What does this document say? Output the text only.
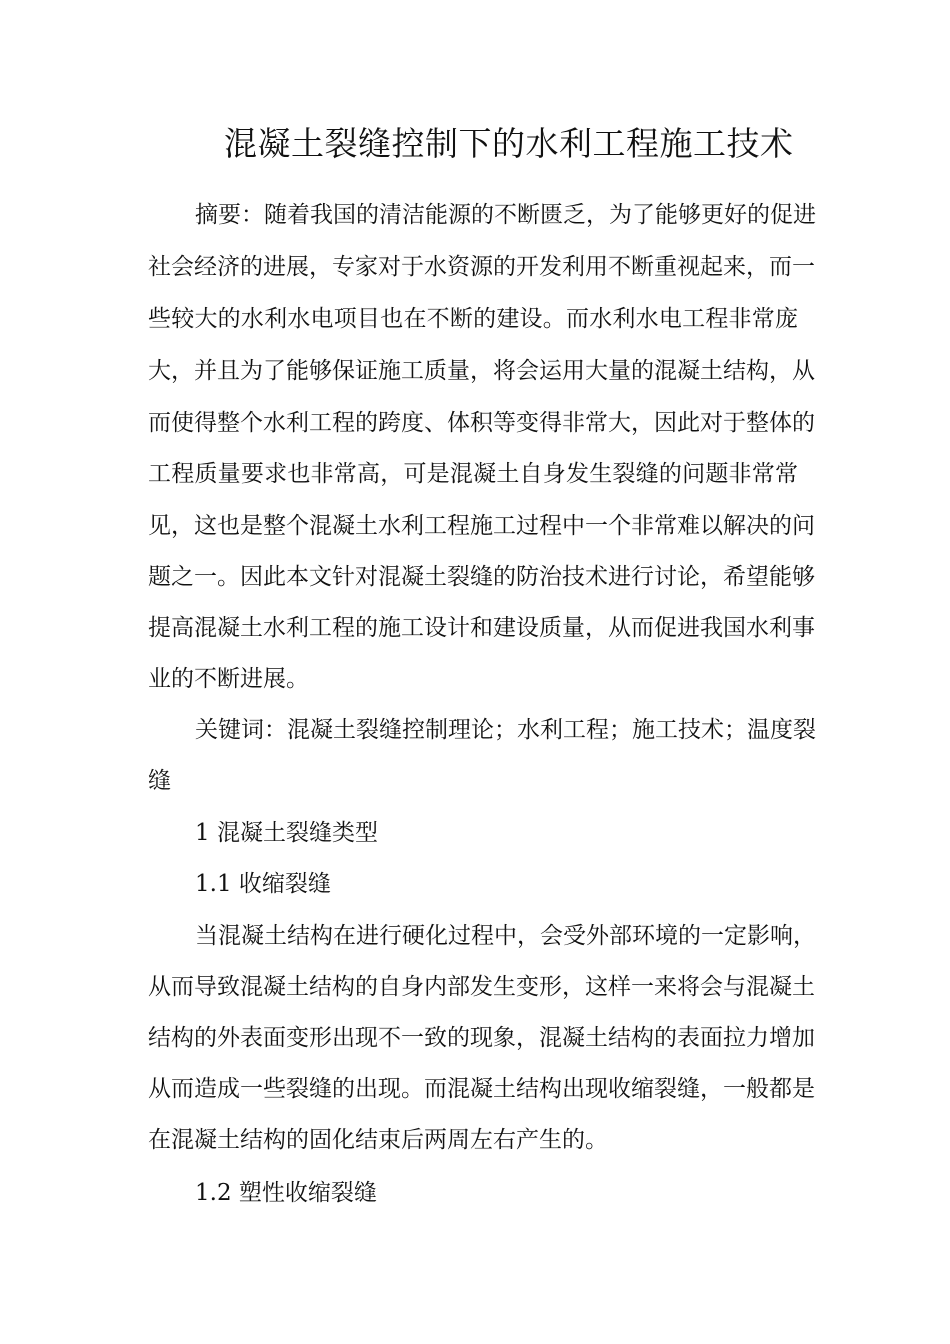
混凝土裂缝控制下的水利工程施工技术
摘要：随着我国的清洁能源的不断匮乏，为了能够更好的促进
社会经济的进展，专家对于水资源的开发利用不断重视起来，而一
些较大的水利水电项目也在不断的建设。而水利水电工程非常庞
大，并且为了能够保证施工质量，将会运用大量的混凝土结构，从
而使得整个水利工程的跨度、体积等变得非常大，因此对于整体的
工程质量要求也非常高，可是混凝土自身发生裂缝的问题非常常
见，这也是整个混凝土水利工程施工过程中一个非常难以解决的问
题之一。因此本文针对混凝土裂缝的防治技术进行讨论，希望能够
提高混凝土水利工程的施工设计和建设质量，从而促进我国水利事
业的不断进展。
关键词：混凝土裂缝控制理论；水利工程；施工技术；温度裂
缝
1 混凝土裂缝类型
1.1 收缩裂缝
当混凝土结构在进行硬化过程中，会受外部环境的一定影响，
从而导致混凝土结构的自身内部发生变形，这样一来将会与混凝土
结构的外表面变形出现不一致的现象，混凝土结构的表面拉力增加
从而造成一些裂缝的出现。而混凝土结构出现收缩裂缝，一般都是
在混凝土结构的固化结束后两周左右产生的。
1.2 塑性收缩裂缝
